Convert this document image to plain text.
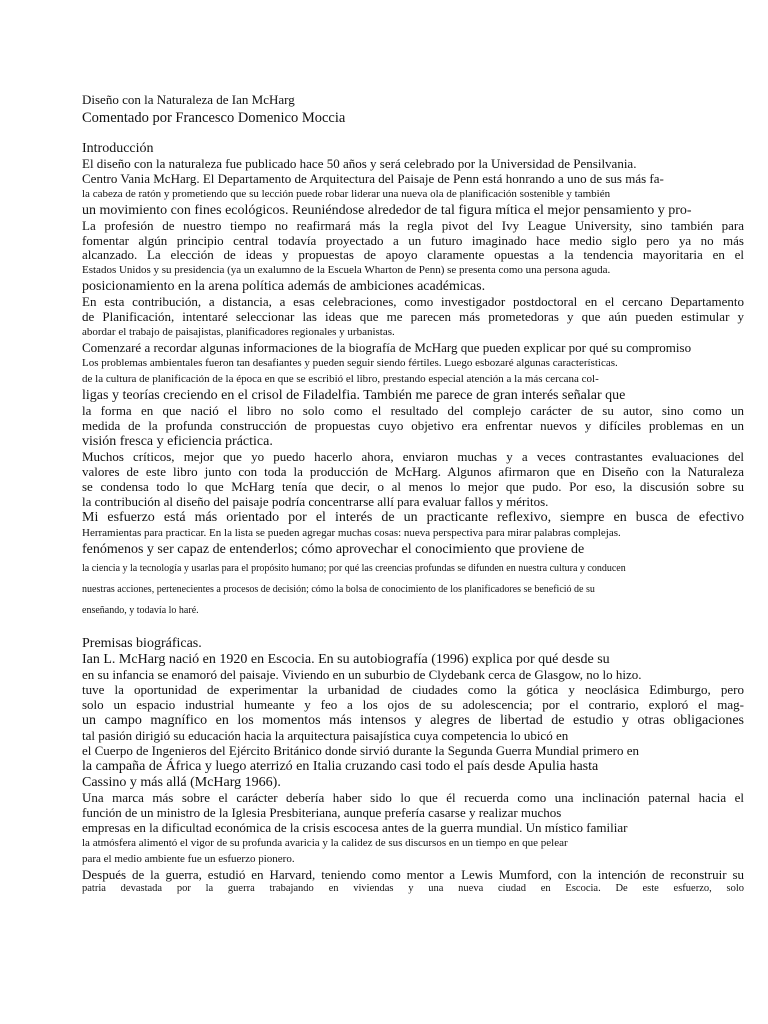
Diseño con la Naturaleza de Ian McHarg
Comentado por Francesco Domenico Moccia
Introducción
El diseño con la naturaleza fue publicado hace 50 años y será celebrado por la Universidad de Pensilvania.
Centro Vania McHarg. El Departamento de Arquitectura del Paisaje de Penn está honrando a uno de sus más fa-
la cabeza de ratón y prometiendo que su lección puede robar liderar una nueva ola de planificación sostenible y también
un movimiento con fines ecológicos. Reuniéndose alrededor de tal figura mítica el mejor pensamiento y pro-
La profesión de nuestro tiempo no reafirmará más la regla pivot del Ivy League University, sino también para
fomentar algún principio central todavía proyectado a un futuro imaginado hace medio siglo pero ya no más
alcanzado. La elección de ideas y propuestas de apoyo claramente opuestas a la tendencia mayoritaria en el
Estados Unidos y su presidencia (ya un exalumno de la Escuela Wharton de Penn) se presenta como una persona aguda.
posicionamiento en la arena política además de ambiciones académicas.
En esta contribución, a distancia, a esas celebraciones, como investigador postdoctoral en el cercano Departamento
de Planificación, intentaré seleccionar las ideas que me parecen más prometedoras y que aún pueden estimular y
abordar el trabajo de paisajistas, planificadores regionales y urbanistas.
Comenzaré a recordar algunas informaciones de la biografía de McHarg que pueden explicar por qué su compromiso
Los problemas ambientales fueron tan desafiantes y pueden seguir siendo fértiles. Luego esbozaré algunas características.
de la cultura de planificación de la época en que se escribió el libro, prestando especial atención a la más cercana col-
ligas y teorías creciendo en el crisol de Filadelfia. También me parece de gran interés señalar que
la forma en que nació el libro no solo como el resultado del complejo carácter de su autor, sino como un
medida de la profunda construcción de propuestas cuyo objetivo era enfrentar nuevos y difíciles problemas en un
visión fresca y eficiencia práctica.
Muchos críticos, mejor que yo puedo hacerlo ahora, enviaron muchas y a veces contrastantes evaluaciones del
valores de este libro junto con toda la producción de McHarg. Algunos afirmaron que en Diseño con la Naturaleza
se condensa todo lo que McHarg tenía que decir, o al menos lo mejor que pudo. Por eso, la discusión sobre su
la contribución al diseño del paisaje podría concentrarse allí para evaluar fallos y méritos.
Mi esfuerzo está más orientado por el interés de un practicante reflexivo, siempre en busca de efectivo
Herramientas para practicar. En la lista se pueden agregar muchas cosas: nueva perspectiva para mirar palabras complejas.
fenómenos y ser capaz de entenderlos; cómo aprovechar el conocimiento que proviene de
la ciencia y la tecnología y usarlas para el propósito humano; por qué las creencias profundas se difunden en nuestra cultura y conducen
nuestras acciones, pertenecientes a procesos de decisión; cómo la bolsa de conocimiento de los planificadores se benefició de su
enseñando, y todavía lo haré.
Premisas biográficas.
Ian L. McHarg nació en 1920 en Escocia. En su autobiografía (1996) explica por qué desde su
en su infancia se enamoró del paisaje. Viviendo en un suburbio de Clydebank cerca de Glasgow, no lo hizo.
tuve la oportunidad de experimentar la urbanidad de ciudades como la gótica y neoclásica Edimburgo, pero
solo un espacio industrial humeante y feo a los ojos de su adolescencia; por el contrario, exploró el mag-
un campo magnífico en los momentos más intensos y alegres de libertad de estudio y otras obligaciones
tal pasión dirigió su educación hacia la arquitectura paisajística cuya competencia lo ubicó en
el Cuerpo de Ingenieros del Ejército Británico donde sirvió durante la Segunda Guerra Mundial primero en
la campaña de África y luego aterrizó en Italia cruzando casi todo el país desde Apulia hasta
Cassino y más allá (McHarg 1966).
Una marca más sobre el carácter debería haber sido lo que él recuerda como una inclinación paternal hacia el
función de un ministro de la Iglesia Presbiteriana, aunque prefería casarse y realizar muchos
empresas en la dificultad económica de la crisis escocesa antes de la guerra mundial. Un místico familiar
la atmósfera alimentó el vigor de su profunda avaricia y la calidez de sus discursos en un tiempo en que pelear
para el medio ambiente fue un esfuerzo pionero.
Después de la guerra, estudió en Harvard, teniendo como mentor a Lewis Mumford, con la intención de reconstruir su
patria devastada por la guerra trabajando en viviendas y una nueva ciudad en Escocia. De este esfuerzo, solo
